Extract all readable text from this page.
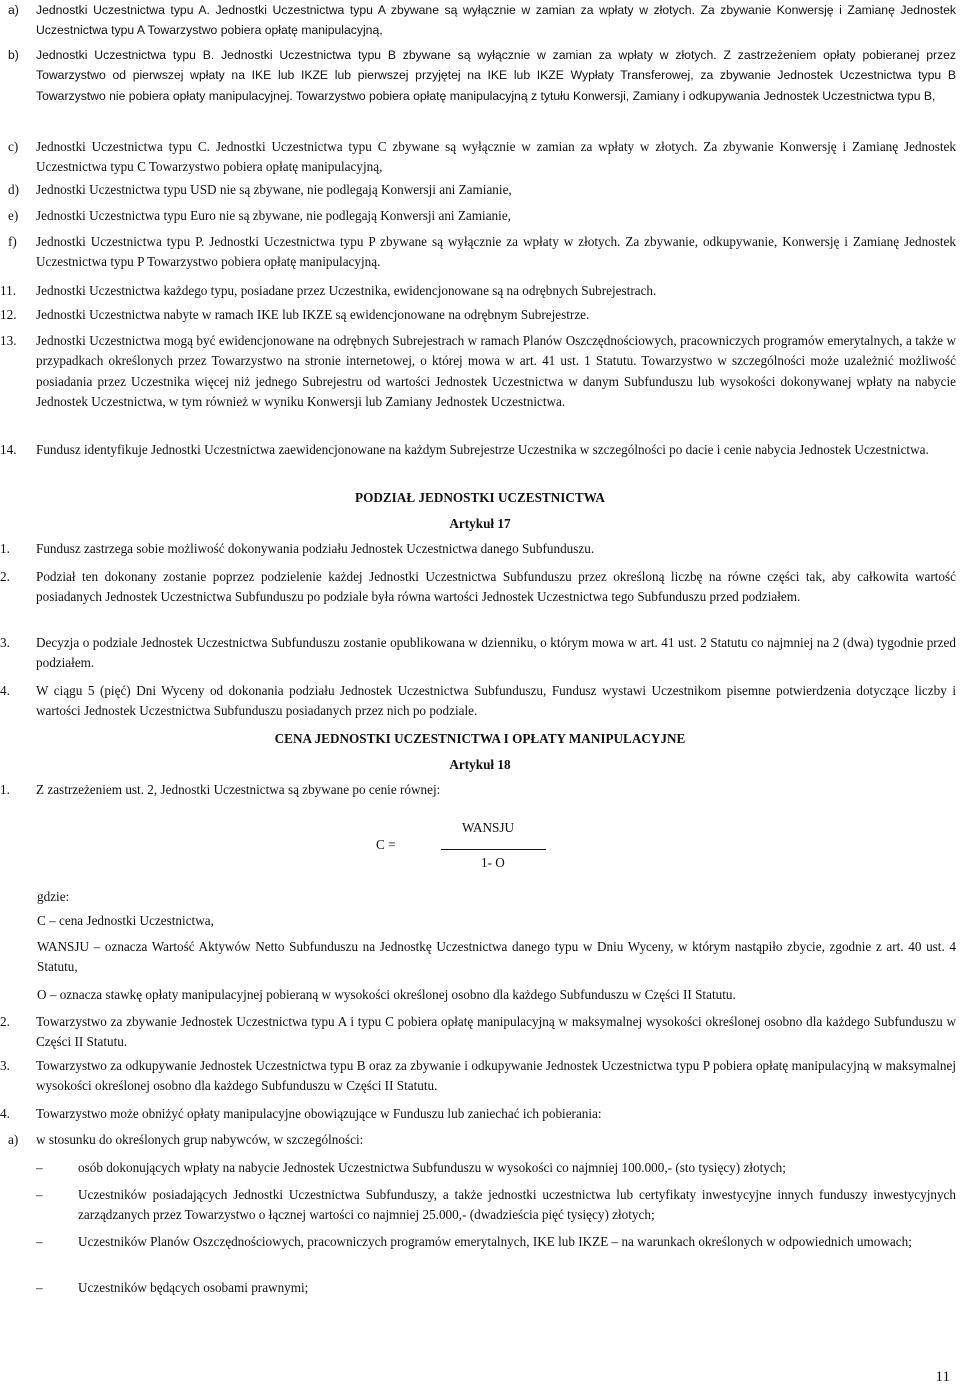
a)	Jednostki Uczestnictwa typu A. Jednostki Uczestnictwa typu A zbywane są wyłącznie w zamian za wpłaty w złotych. Za zbywanie Konwersję i Zamianę Jednostek Uczestnictwa typu A Towarzystwo pobiera opłatę manipulacyjną,
b)	Jednostki Uczestnictwa typu B. Jednostki Uczestnictwa typu B zbywane są wyłącznie w zamian za wpłaty w złotych. Z zastrzeżeniem opłaty pobieranej przez Towarzystwo od pierwszej wpłaty na IKE lub IKZE lub pierwszej przyjętej na IKE lub IKZE Wypłaty Transferowej, za zbywanie Jednostek Uczestnictwa typu B Towarzystwo nie pobiera opłaty manipulacyjnej. Towarzystwo pobiera opłatę manipulacyjną z tytułu Konwersji, Zamiany i odkupywania Jednostek Uczestnictwa typu B,
c)	Jednostki Uczestnictwa typu C. Jednostki Uczestnictwa typu C zbywane są wyłącznie w zamian za wpłaty w złotych. Za zbywanie Konwersję i Zamianę Jednostek Uczestnictwa typu C Towarzystwo pobiera opłatę manipulacyjną,
d)	Jednostki Uczestnictwa typu USD nie są zbywane, nie podlegają Konwersji ani Zamianie,
e)	Jednostki Uczestnictwa typu Euro nie są zbywane, nie podlegają Konwersji ani Zamianie,
f)	Jednostki Uczestnictwa typu P. Jednostki Uczestnictwa typu P zbywane są wyłącznie za wpłaty w złotych. Za zbywanie, odkupywanie, Konwersję i Zamianę Jednostek Uczestnictwa typu P Towarzystwo pobiera opłatę manipulacyjną.
11.	Jednostki Uczestnictwa każdego typu, posiadane przez Uczestnika, ewidencjonowane są na odrębnych Subrejestrach.
12.	Jednostki Uczestnictwa nabyte w ramach IKE lub IKZE są ewidencjonowane na odrębnym Subrejestrze.
13.	Jednostki Uczestnictwa mogą być ewidencjonowane na odrębnych Subrejestrach w ramach Planów Oszczędnościowych, pracowniczych programów emerytalnych, a także w przypadkach określonych przez Towarzystwo na stronie internetowej, o której mowa w art. 41 ust. 1 Statutu. Towarzystwo w szczególności może uzależnić możliwość posiadania przez Uczestnika więcej niż jednego Subrejestru od wartości Jednostek Uczestnictwa w danym Subfunduszu lub wysokości dokonywanej wpłaty na nabycie Jednostek Uczestnictwa, w tym również w wyniku Konwersji lub Zamiany Jednostek Uczestnictwa.
14.	Fundusz identyfikuje Jednostki Uczestnictwa zaewidencjonowane na każdym Subrejestrze Uczestnika w szczególności po dacie i cenie nabycia Jednostek Uczestnictwa.
PODZIAŁ JEDNOSTKI UCZESTNICTWA
Artykuł 17
1.	Fundusz zastrzega sobie możliwość dokonywania podziału Jednostek Uczestnictwa danego Subfunduszu.
2.	Podział ten dokonany zostanie poprzez podzielenie każdej Jednostki Uczestnictwa Subfunduszu przez określoną liczbę na równe części tak, aby całkowita wartość posiadanych Jednostek Uczestnictwa Subfunduszu po podziale była równa wartości Jednostek Uczestnictwa tego Subfunduszu przed podziałem.
3.	Decyzja o podziale Jednostek Uczestnictwa Subfunduszu zostanie opublikowana w dzienniku, o którym mowa w art. 41 ust. 2 Statutu co najmniej na 2 (dwa) tygodnie przed podziałem.
4.	W ciągu 5 (pięć) Dni Wyceny od dokonania podziału Jednostek Uczestnictwa Subfunduszu, Fundusz wystawi Uczestnikom pisemne potwierdzenia dotyczące liczby i wartości Jednostek Uczestnictwa Subfunduszu posiadanych przez nich po podziale.
CENA JEDNOSTKI UCZESTNICTWA I OPŁATY MANIPULACYJNE
Artykuł 18
1.	Z zastrzeżeniem ust. 2, Jednostki Uczestnictwa są zbywane po cenie równej:
WANSJU
C =
1- O
gdzie:
C – cena Jednostki Uczestnictwa,
WANSJU – oznacza Wartość Aktywów Netto Subfunduszu na Jednostkę Uczestnictwa danego typu w Dniu Wyceny, w którym nastąpiło zbycie, zgodnie z art. 40 ust. 4 Statutu,
O – oznacza stawkę opłaty manipulacyjnej pobieraną w wysokości określonej osobno dla każdego Subfunduszu w Części II Statutu.
2.	Towarzystwo za zbywanie Jednostek Uczestnictwa typu A i typu C pobiera opłatę manipulacyjną w maksymalnej wysokości określonej osobno dla każdego Subfunduszu w Części II Statutu.
3.	Towarzystwo za odkupywanie Jednostek Uczestnictwa typu B oraz za zbywanie i odkupywanie Jednostek Uczestnictwa typu P pobiera opłatę manipulacyjną w maksymalnej wysokości określonej osobno dla każdego Subfunduszu w Części II Statutu.
4.	Towarzystwo może obniżyć opłaty manipulacyjne obowiązujące w Funduszu lub zaniechać ich pobierania:
a)	w stosunku do określonych grup nabywców, w szczególności:
–	osób dokonujących wpłaty na nabycie Jednostek Uczestnictwa Subfunduszu w wysokości co najmniej 100.000,- (sto tysięcy) złotych;
–	Uczestników posiadających Jednostki Uczestnictwa Subfunduszy, a także jednostki uczestnictwa lub certyfikaty inwestycyjne innych funduszy inwestycyjnych zarządzanych przez Towarzystwo o łącznej wartości co najmniej 25.000,- (dwadzieścia pięć tysięcy) złotych;
–	Uczestników Planów Oszczędnościowych, pracowniczych programów emerytalnych, IKE lub IKZE – na warunkach określonych w odpowiednich umowach;
–	Uczestników będących osobami prawnymi;
11
